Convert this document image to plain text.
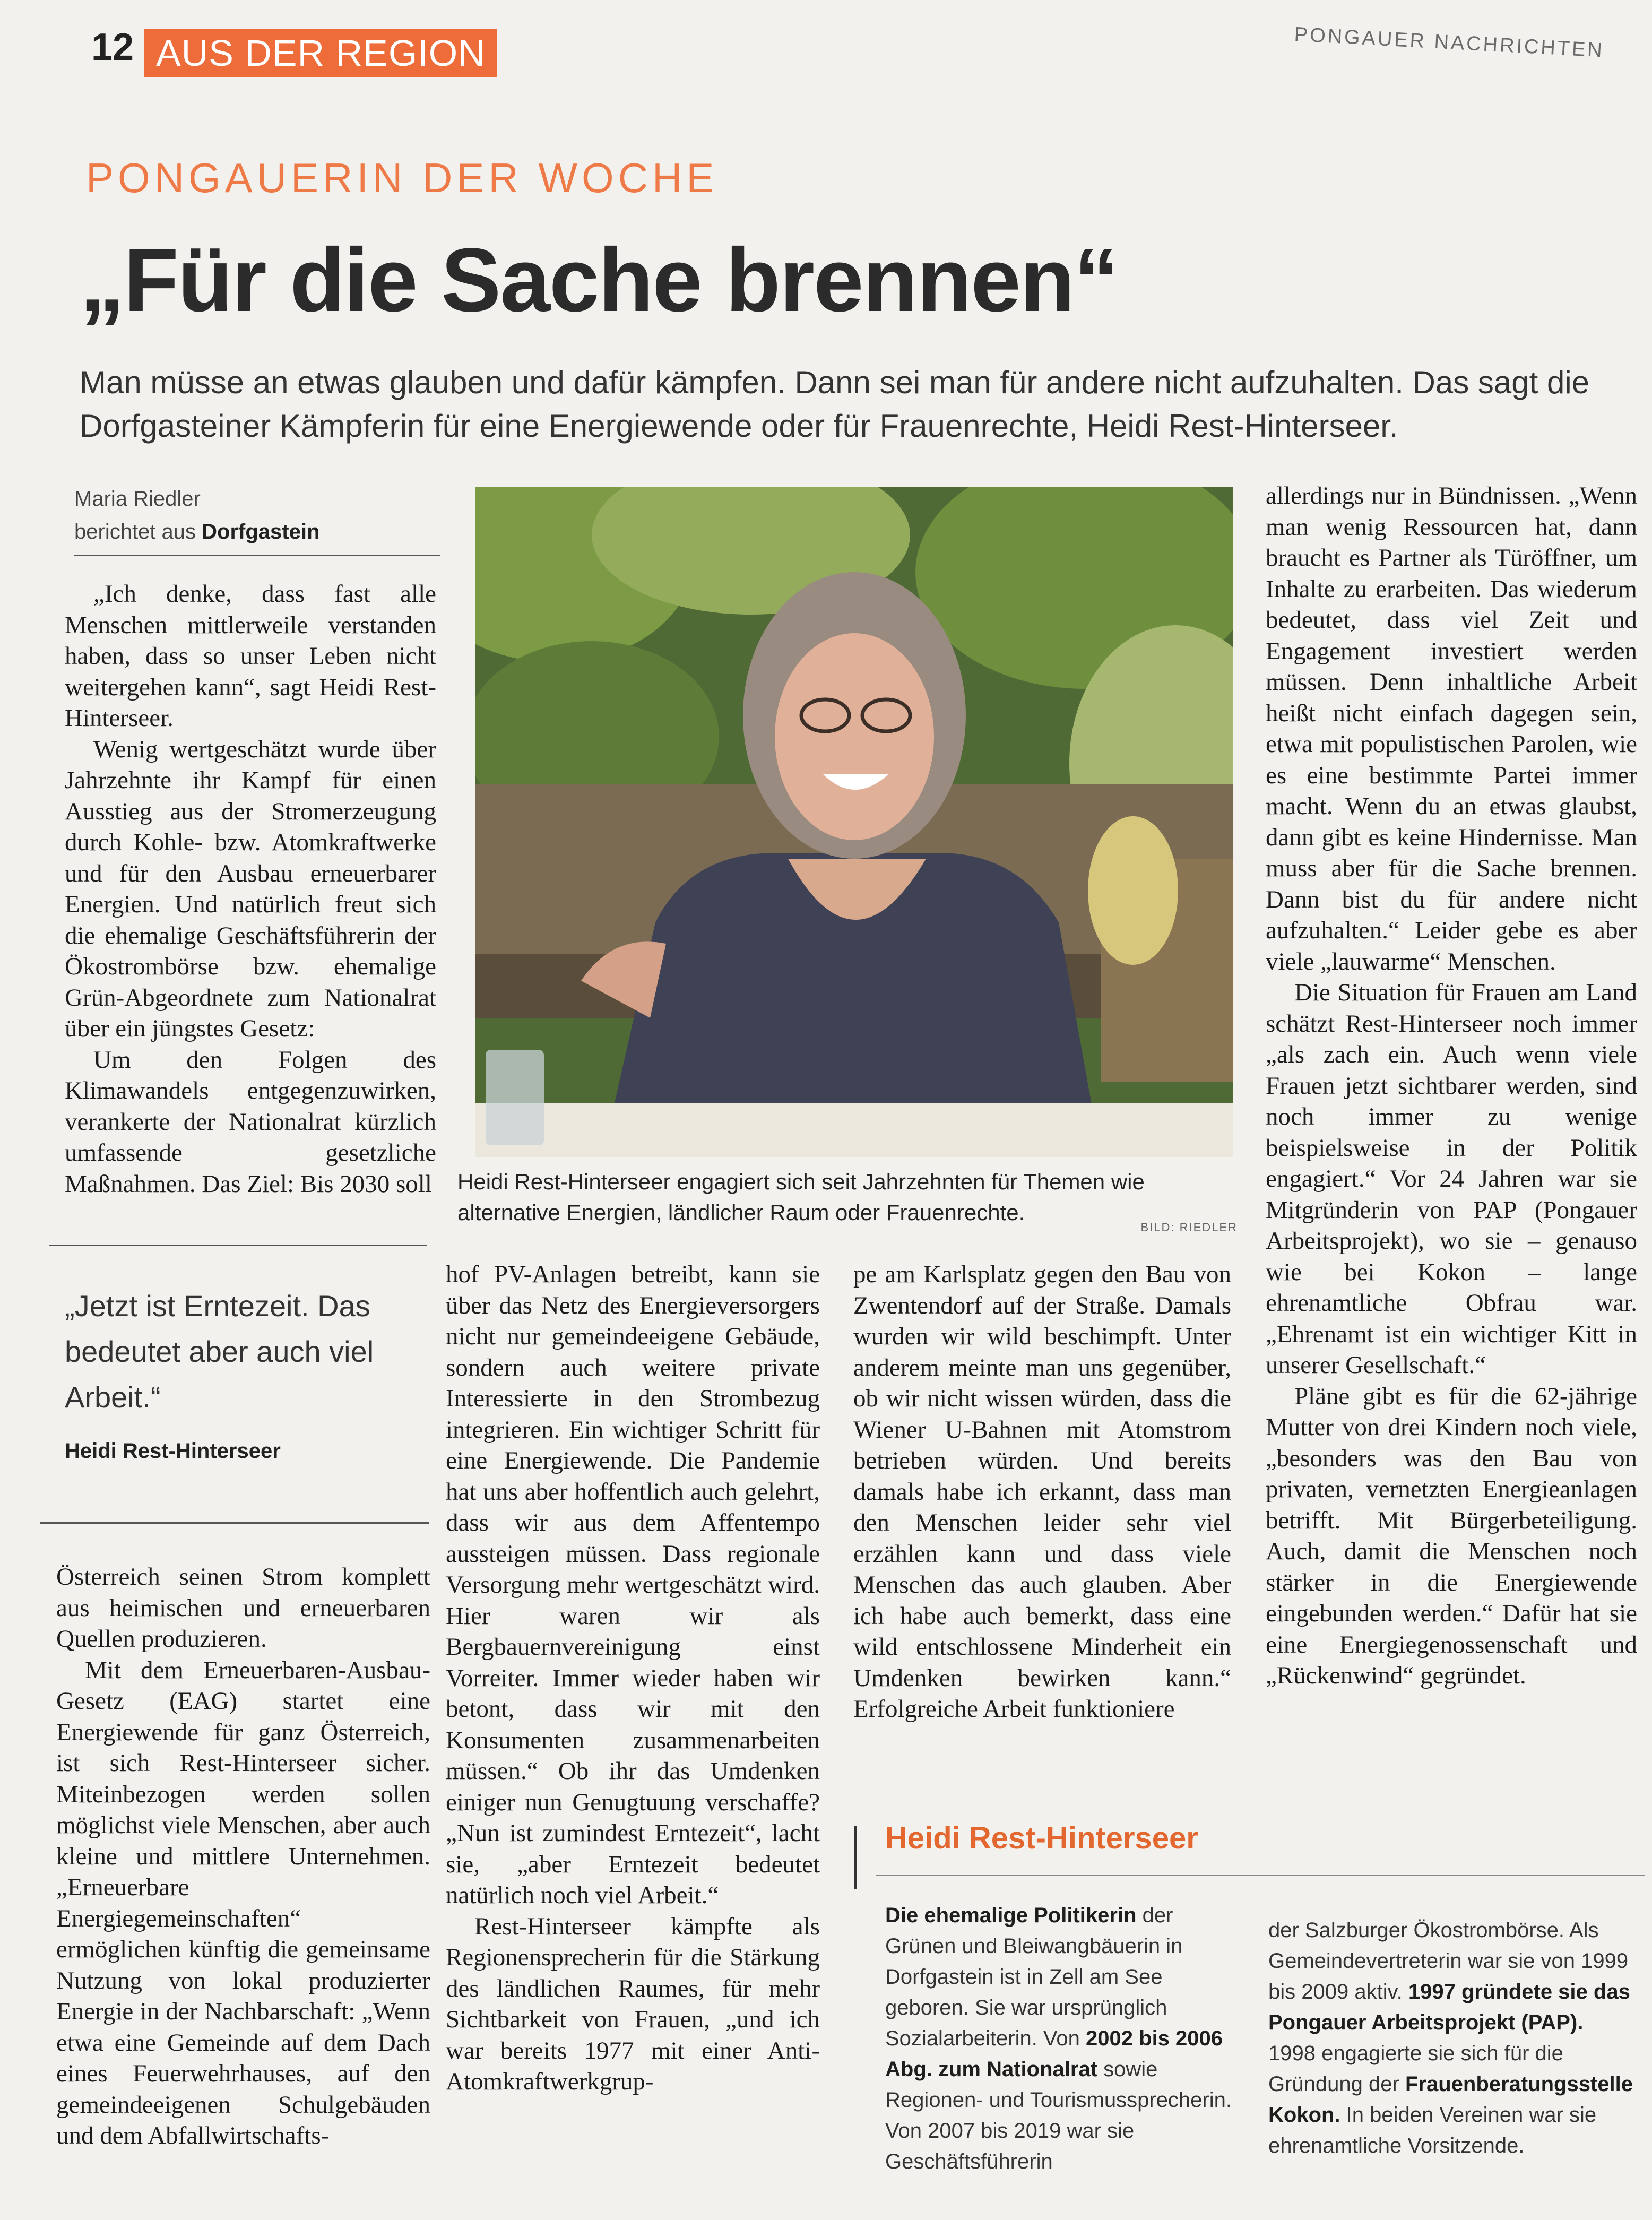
12 AUS DER REGION	PONGAUER NACHRICHTEN
PONGAUERIN DER WOCHE
„Für die Sache brennen“
Man müsse an etwas glauben und dafür kämpfen. Dann sei man für andere nicht aufzuhalten. Das sagt die Dorfgasteiner Kämpferin für eine Energiewende oder für Frauenrechte, Heidi Rest-Hinterseer.
Maria Riedler
berichtet aus Dorfgastein

„Ich denke, dass fast alle Menschen mittlerweile verstanden haben, dass so unser Leben nicht weitergehen kann“, sagt Heidi Rest-Hinterseer.

Wenig wertgeschätzt wurde über Jahrzehnte ihr Kampf für einen Ausstieg aus der Stromerzeugung durch Kohle- bzw. Atomkraftwerke und für den Ausbau erneuerbarer Energien. Und natürlich freut sich die ehemalige Geschäftsführerin der Ökostrombörse bzw. ehemalige Grün-Abgeordnete zum Nationalrat über ein jüngstes Gesetz:

Um den Folgen des Klimawandels entgegenzuwirken, verankerte der Nationalrat kürzlich umfassende gesetzliche Maßnahmen. Das Ziel: Bis 2030 soll

„Jetzt ist Erntezeit. Das bedeutet aber auch viel Arbeit.“
Heidi Rest-Hinterseer

Österreich seinen Strom komplett aus heimischen und erneuerbaren Quellen produzieren.

Mit dem Erneuerbaren-Ausbau-Gesetz (EAG) startet eine Energiewende für ganz Österreich, ist sich Rest-Hinterseer sicher. Miteinbezogen werden sollen möglichst viele Menschen, aber auch kleine und mittlere Unternehmen. „Erneuerbare Energiegemeinschaften“ ermöglichen künftig die gemeinsame Nutzung von lokal produzierter Energie in der Nachbarschaft: „Wenn etwa eine Gemeinde auf dem Dach eines Feuerwehrhauses, auf den gemeindeeigenen Schulgebäuden und dem Abfallwirtschafts-

Heidi Rest-Hinterseer engagiert sich seit Jahrzehnten für Themen wie alternative Energien, ländlicher Raum oder Frauenrechte.
BILD: RIEDLER

hof PV-Anlagen betreibt, kann sie über das Netz des Energieversorgers nicht nur gemeindeeigene Gebäude, sondern auch weitere private Interessierte in den Strombezug integrieren. Ein wichtiger Schritt für eine Energiewende. Die Pandemie hat uns aber hoffentlich auch gelehrt, dass wir aus dem Affentempo aussteigen müssen. Dass regionale Versorgung mehr wertgeschätzt wird. Hier waren wir als Bergbauernvereinigung einst Vorreiter. Immer wieder haben wir betont, dass wir mit den Konsumenten zusammenarbeiten müssen.“ Ob ihr das Umdenken einiger nun Genugtuung verschaffe? „Nun ist zumindest Erntezeit“, lacht sie, „aber Erntezeit bedeutet natürlich noch viel Arbeit.“

Rest-Hinterseer kämpfte als Regionensprecherin für die Stärkung des ländlichen Raumes, für mehr Sichtbarkeit von Frauen, „und ich war bereits 1977 mit einer Anti-Atomkraftwerkgrup-

pe am Karlsplatz gegen den Bau von Zwentendorf auf der Straße. Damals wurden wir wild beschimpft. Unter anderem meinte man uns gegenüber, ob wir nicht wissen würden, dass die Wiener U-Bahnen mit Atomstrom betrieben würden. Und bereits damals habe ich erkannt, dass man den Menschen leider sehr viel erzählen kann und dass viele Menschen das auch glauben. Aber ich habe auch bemerkt, dass eine wild entschlossene Minderheit ein Umdenken bewirken kann.“ Erfolgreiche Arbeit funktioniere

allerdings nur in Bündnissen. „Wenn man wenig Ressourcen hat, dann braucht es Partner als Türöffner, um Inhalte zu erarbeiten. Das wiederum bedeutet, dass viel Zeit und Engagement investiert werden müssen. Denn inhaltliche Arbeit heißt nicht einfach dagegen sein, etwa mit populistischen Parolen, wie es eine bestimmte Partei immer macht. Wenn du an etwas glaubst, dann gibt es keine Hindernisse. Man muss aber für die Sache brennen. Dann bist du für andere nicht aufzuhalten.“ Leider gebe es aber viele „lauwarme“ Menschen.

Die Situation für Frauen am Land schätzt Rest-Hinterseer noch immer „als zach ein. Auch wenn viele Frauen jetzt sichtbarer werden, sind noch immer zu wenige beispielsweise in der Politik engagiert.“ Vor 24 Jahren war sie Mitgründerin von PAP (Pongauer Arbeitsprojekt), wo sie – genauso wie bei Kokon – lange ehrenamtliche Obfrau war. „Ehrenamt ist ein wichtiger Kitt in unserer Gesellschaft.“

Pläne gibt es für die 62-jährige Mutter von drei Kindern noch viele, „besonders was den Bau von privaten, vernetzten Energieanlagen betrifft. Mit Bürgerbeteiligung. Auch, damit die Menschen noch stärker in die Energiewende eingebunden werden.“ Dafür hat sie eine Energiegenossenschaft und „Rückenwind“ gegründet.

Heidi Rest-Hinterseer
Die ehemalige Politikerin der Grünen und Bleiwangbäuerin in Dorfgastein ist in Zell am See geboren. Sie war ursprünglich Sozialarbeiterin. Von 2002 bis 2006 Abg. zum Nationalrat sowie Regionen- und Tourismussprecherin. Von 2007 bis 2019 war sie Geschäftsführerin
der Salzburger Ökostrombörse. Als Gemeindevertreterin war sie von 1999 bis 2009 aktiv. 1997 gründete sie das Pongauer Arbeitsprojekt (PAP). 1998 engagierte sie sich für die Gründung der Frauenberatungsstelle Kokon. In beiden Vereinen war sie ehrenamtliche Vorsitzende.
